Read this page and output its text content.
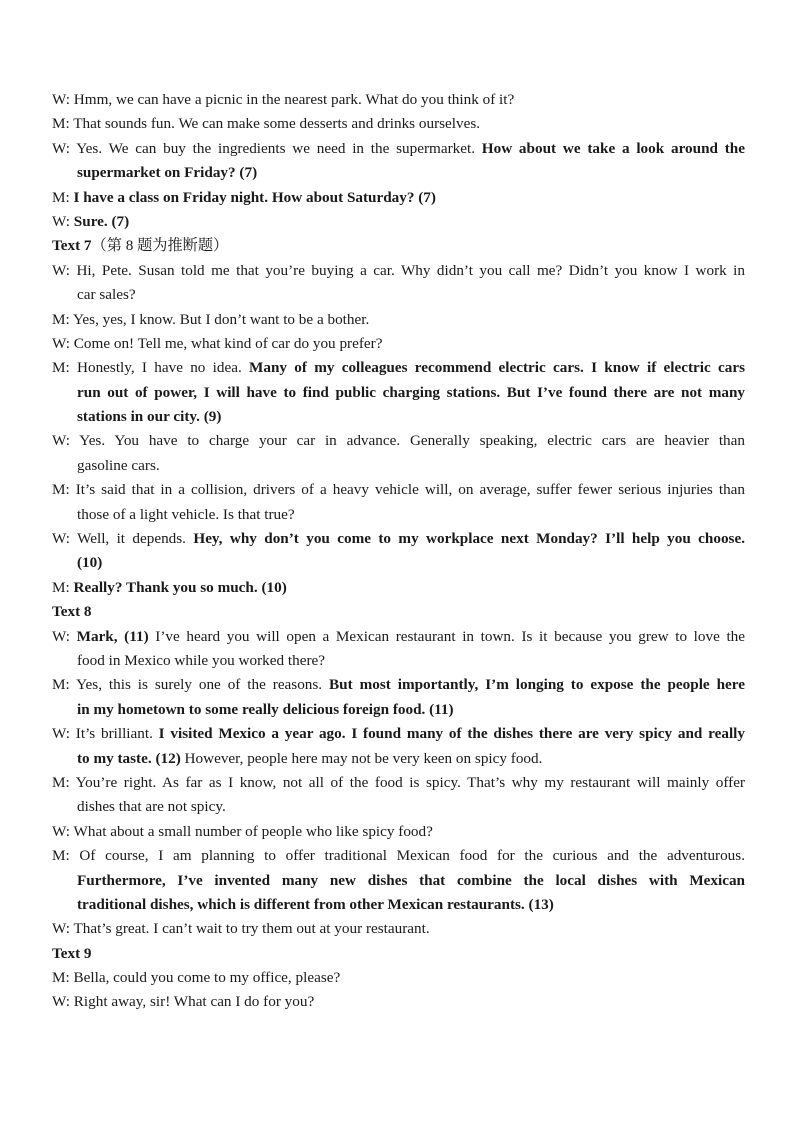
W: Hmm, we can have a picnic in the nearest park. What do you think of it?
M: That sounds fun. We can make some desserts and drinks ourselves.
W: Yes. We can buy the ingredients we need in the supermarket. How about we take a look around the
supermarket on Friday? (7)
M: I have a class on Friday night. How about Saturday? (7)
W: Sure. (7)
Text 7（第 8 题为推断题）
W: Hi, Pete. Susan told me that you’re buying a car. Why didn’t you call me? Didn’t you know I work in
car sales?
M: Yes, yes, I know. But I don’t want to be a bother.
W: Come on! Tell me, what kind of car do you prefer?
M: Honestly, I have no idea. Many of my colleagues recommend electric cars. I know if electric cars
run out of power, I will have to find public charging stations. But I’ve found there are not many
stations in our city. (9)
W: Yes. You have to charge your car in advance. Generally speaking, electric cars are heavier than
gasoline cars.
M: It’s said that in a collision, drivers of a heavy vehicle will, on average, suffer fewer serious injuries than
those of a light vehicle. Is that true?
W: Well, it depends. Hey, why don’t you come to my workplace next Monday? I’ll help you choose.
(10)
M: Really? Thank you so much. (10)
Text 8
W: Mark, (11) I’ve heard you will open a Mexican restaurant in town. Is it because you grew to love the
food in Mexico while you worked there?
M: Yes, this is surely one of the reasons. But most importantly, I’m longing to expose the people here
in my hometown to some really delicious foreign food. (11)
W: It’s brilliant. I visited Mexico a year ago. I found many of the dishes there are very spicy and really
to my taste. (12) However, people here may not be very keen on spicy food.
M: You’re right. As far as I know, not all of the food is spicy. That’s why my restaurant will mainly offer
dishes that are not spicy.
W: What about a small number of people who like spicy food?
M: Of course, I am planning to offer traditional Mexican food for the curious and the adventurous.
Furthermore, I’ve invented many new dishes that combine the local dishes with Mexican
traditional dishes, which is different from other Mexican restaurants. (13)
W: That’s great. I can’t wait to try them out at your restaurant.
Text 9
M: Bella, could you come to my office, please?
W: Right away, sir! What can I do for you?
